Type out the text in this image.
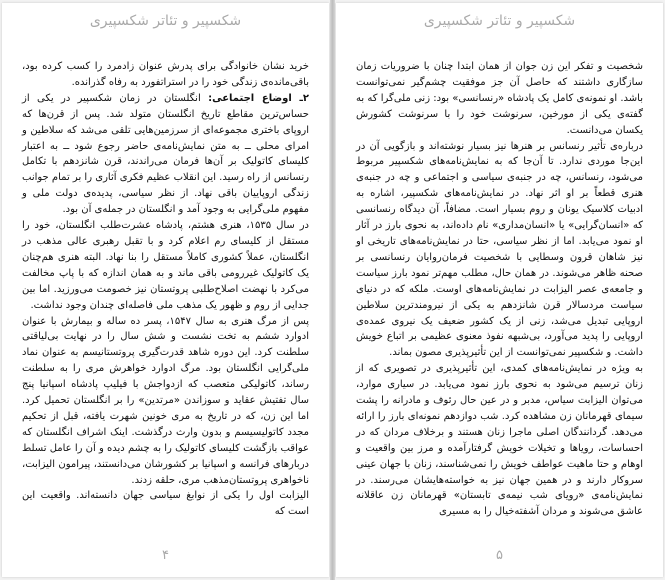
شکسپیر و تئاتر شکسپیری

خرید نشان خانوادگی برای پدرش عنوان زادمرد را کسب کرده بود، باقی‌مانده‌ی زندگی خود را در استراتفورد به رفاه گذرانده.

۲ـ اوضاع اجتماعی: انگلستان در زمان شکسپیر در یکی از حساس‌ترین مقاطع تاریخ انگلستان متولد شد. پس از قرن‌ها که اروپای باختری مجموعه‌ای از سرزمین‌هایی تلقی می‌شد که سلاطین و امرای محلی ــ به متن نمایش‌نامه‌ی حاضر رجوع شود ــ به اعتبار کلیسای کاتولیک بر آن‌ها فرمان می‌راندند، قرن شانزدهم با تکامل رنسانس از راه رسید. این انقلاب عظیم فکری آثاری را بر تمام جوانب زندگی اروپاییان باقی نهاد. از نظر سیاسی، پدیده‌ی دولت ملی و مفهوم ملی‌گرایی به وجود آمد و انگلستان در جمله‌ی آن بود.

در سال ۱۵۳۵، هنری هشتم، پادشاه عشرت‌طلب انگلستان، خود را مستقل از کلیسای رم اعلام کرد و با تقبل رهبری عالی مذهب در انگلستان، عملاً کشوری کاملاً مستقل را بنا نهاد. البته هنری هم‌چنان یک کاتولیک غیررومی باقی ماند و به همان اندازه که با پاپ مخالفت می‌کرد با نهضت اصلاح‌طلبی پروتستان نیز خصومت می‌ورزید. اما بین جدایی از روم و ظهور یک مذهب ملی فاصله‌ای چندان وجود نداشت.

پس از مرگ هنری به سال ۱۵۴۷، پسر ده ساله و بیمارش با عنوان ادوارد ششم به تخت نشست و شش سال را در نهایت بی‌لیاقتی سلطنت کرد. این دوره شاهد قدرت‌گیری پروتستانیسم به عنوان نماد ملی‌گرایی انگلستان بود. مرگ ادوارد خواهرش مری را به سلطنت رساند، کاتولیکی متعصب که ازدواجش با فیلیپ پادشاه اسپانیا پنج سال تفتیش عقاید و سوزاندن «مرتدین» را بر انگلستان تحمیل کرد. اما این زن، که در تاریخ به مری خونین شهرت یافته، قبل از تحکیم مجدد کاتولیسیسم و بدون وارث درگذشت. اینک اشراف انگلستان که عواقب بازگشت کلیسای کاتولیک را به چشم دیده و آن را عامل تسلط دربارهای فرانسه و اسپانیا بر کشورشان می‌دانستند، پیرامون الیزابت، ناخواهری پروتستان‌مذهب مری، حلقه زدند.

الیزابت اول را یکی از نوابغ سیاسی جهان دانسته‌اند. واقعیت این است که

۴
شکسپیر و تئاتر شکسپیری

شخصیت و تفکر این زن جوان از همان ابتدا چنان با ضروریات زمان سازگاری داشتند که حاصل آن جز موفقیت چشم‌گیر نمی‌توانست باشد. او نمونه‌ی کامل یک پادشاه «رنسانسی» بود: زنی ملی‌گرا که به گفته‌ی یکی از مورخین، سرنوشت خود را با سرنوشت کشورش یکسان می‌دانست.

درباره‌ی تأثیر رنسانس بر هنرها نیز بسیار نوشته‌اند و بازگویی آن در این‌جا موردی ندارد. تا آن‌جا که به نمایش‌نامه‌های شکسپیر مربوط می‌شود، رنسانس، چه در جنبه‌ی سیاسی و اجتماعی و چه در جنبه‌ی هنری قطعاً بر او اثر نهاد. در نمایش‌نامه‌های شکسپیر، اشاره به ادبیات کلاسیک یونان و روم بسیار است. مضافاً، آن دیدگاه رنسانسی که «انسان‌گرایی» یا «انسان‌مداری» نام داده‌اند، به نحوی بارز در آثار او نمود می‌یابد. اما از نظر سیاسی، حتا در نمایش‌نامه‌های تاریخی او نیز شاهان قرون وسطایی با شخصیت فرمان‌روایان رنسانسی بر صحنه ظاهر می‌شوند. در همان حال، مطلب مهم‌تر نمود بارز سیاست و جامعه‌ی عصر الیزابت در نمایش‌نامه‌های اوست. ملکه که در دنیای سیاست مردسالار قرن شانزدهم به یکی از نیرومندترین سلاطین اروپایی تبدیل می‌شد، زنی از یک کشور ضعیف یک نیروی عمده‌ی اروپایی را پدید می‌آورد، بی‌شبهه نفوذ معنوی عظیمی بر اتباع خویش داشت. و شکسپیر نمی‌توانست از این تأثیرپذیری مصون بماند.

به ویژه در نمایش‌نامه‌های کمدی، این تأثیرپذیری در تصویری که از زنان ترسیم می‌شود به نحوی بارز نمود می‌یابد. در سیاری موارد، می‌توان الیزابت سیاس، مدبر و در عین حال رئوف و مادرانه را پشت سیمای قهرمانان زن مشاهده کرد. شب دوازدهم نمونه‌ای بارز را ارائه می‌دهد. گردانندگان اصلی ماجرا زنان هستند و برخلاف مردان که در احساسات، رویاها و تخیلات خویش گرفتارآمده و مرز بین واقعیت و اوهام و حتا ماهیت عواطف خویش را نمی‌شناسند، زنان با جهان عینی سروکار دارند و در همین جهان نیز به خواسته‌هایشان می‌رسند. در نمایش‌نامه‌ی «رویای شب نیمه‌ی تابستان» قهرمانان زن عاقلانه عاشق می‌شوند و مردان آشفته‌خیال را به مسیری

۵
